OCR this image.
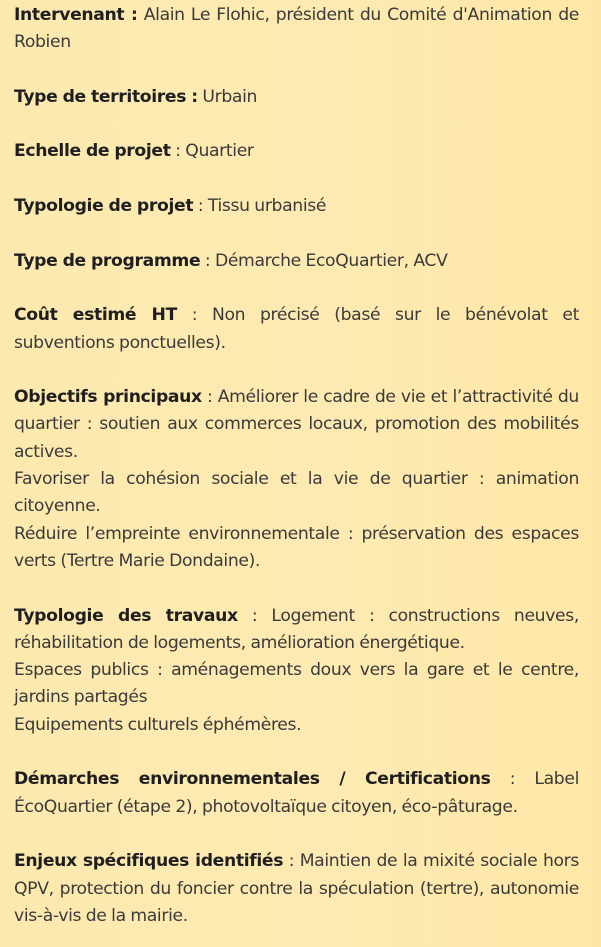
Intervenant : Alain Le Flohic, président du Comité d'Animation de Robien

Type de territoires : Urbain

Echelle de projet : Quartier

Typologie de projet : Tissu urbanisé

Type de programme : Démarche EcoQuartier, ACV

Coût estimé HT : Non précisé (basé sur le bénévolat et subventions ponctuelles).

Objectifs principaux : Améliorer le cadre de vie et l’attractivité du quartier : soutien aux commerces locaux, promotion des mobilités actives.
Favoriser la cohésion sociale et la vie de quartier : animation citoyenne.
Réduire l’empreinte environnementale : préservation des espaces verts (Tertre Marie Dondaine).
Typologie des travaux : Logement : constructions neuves, réhabilitation de logements, amélioration énergétique.
Espaces publics : aménagements doux vers la gare et le centre, jardins partagés
Equipements culturels éphémères.

Démarches environnementales / Certifications : Label ÉcoQuartier (étape 2), photovoltaïque citoyen, éco-pâturage.

Enjeux spécifiques identifiés : Maintien de la mixité sociale hors QPV, protection du foncier contre la spéculation (tertre), autonomie vis-à-vis de la mairie.
